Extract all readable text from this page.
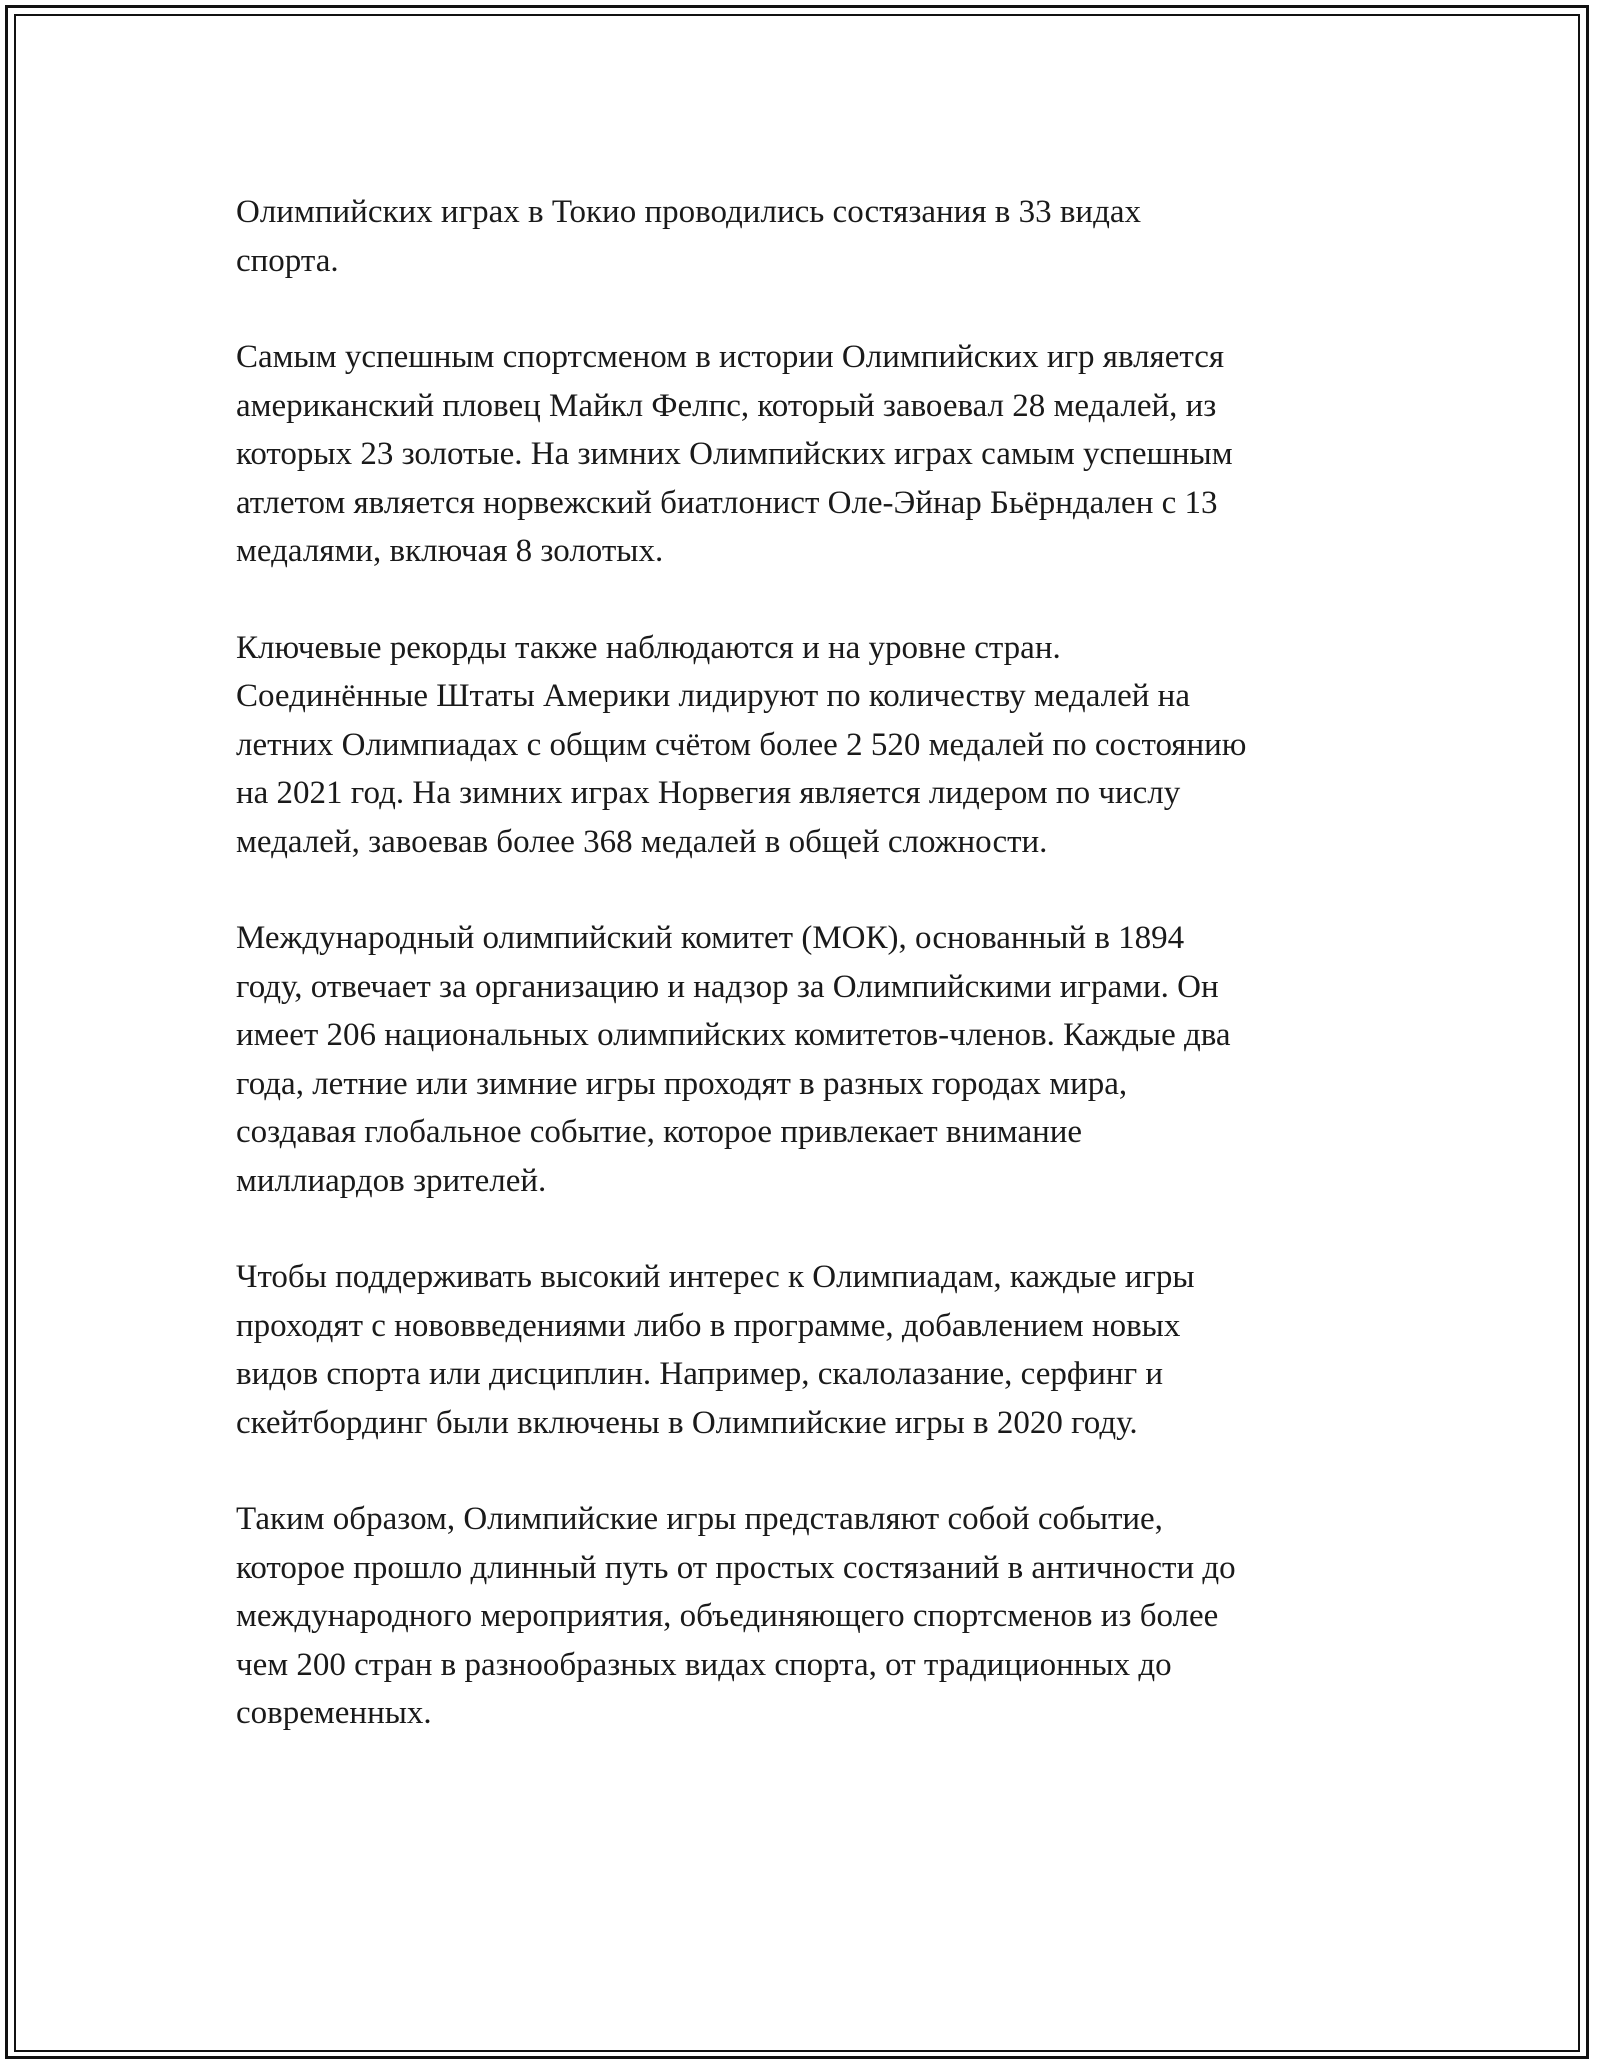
Олимпийских играх в Токио проводились состязания в 33 видах
спорта.

Самым успешным спортсменом в истории Олимпийских игр является
американский пловец Майкл Фелпс, который завоевал 28 медалей, из
которых 23 золотые. На зимних Олимпийских играх самым успешным
атлетом является норвежский биатлонист Оле-Эйнар Бьёрндален с 13
медалями, включая 8 золотых.

Ключевые рекорды также наблюдаются и на уровне стран.
Соединённые Штаты Америки лидируют по количеству медалей на
летних Олимпиадах с общим счётом более 2 520 медалей по состоянию
на 2021 год. На зимних играх Норвегия является лидером по числу
медалей, завоевав более 368 медалей в общей сложности.

Международный олимпийский комитет (МОК), основанный в 1894
году, отвечает за организацию и надзор за Олимпийскими играми. Он
имеет 206 национальных олимпийских комитетов-членов. Каждые два
года, летние или зимние игры проходят в разных городах мира,
создавая глобальное событие, которое привлекает внимание
миллиардов зрителей.

Чтобы поддерживать высокий интерес к Олимпиадам, каждые игры
проходят с нововведениями либо в программе, добавлением новых
видов спорта или дисциплин. Например, скалолазание, серфинг и
скейтбординг были включены в Олимпийские игры в 2020 году.

Таким образом, Олимпийские игры представляют собой событие,
которое прошло длинный путь от простых состязаний в античности до
международного мероприятия, объединяющего спортсменов из более
чем 200 стран в разнообразных видах спорта, от традиционных до
современных.
